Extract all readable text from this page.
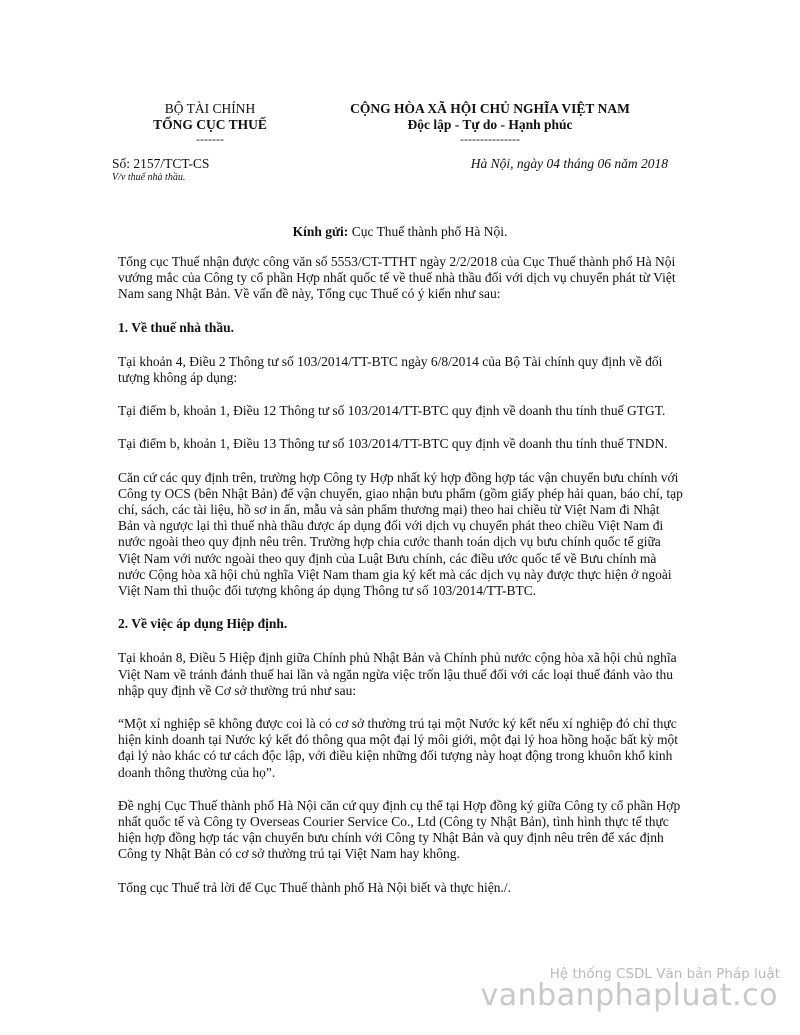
BỘ TÀI CHÍNH
TỔNG CỤC THUẾ
-------
CỘNG HÒA XÃ HỘI CHỦ NGHĨA VIỆT NAM
Độc lập - Tự do - Hạnh phúc
---------------
Số: 2157/TCT-CS
V/v thuế nhà thầu.
Hà Nội, ngày 04 tháng 06 năm 2018
Kính gửi: Cục Thuế thành phố Hà Nội.

Tổng cục Thuế nhận được công văn số 5553/CT-TTHT ngày 2/2/2018 của Cục Thuế thành phố Hà Nội vướng mắc của Công ty cổ phần Hợp nhất quốc tế về thuế nhà thầu đối với dịch vụ chuyển phát từ Việt Nam sang Nhật Bản. Về vấn đề này, Tổng cục Thuế có ý kiến như sau:

1. Về thuế nhà thầu.

Tại khoản 4, Điều 2 Thông tư số 103/2014/TT-BTC ngày 6/8/2014 của Bộ Tài chính quy định về đối tượng không áp dụng:

Tại điểm b, khoản 1, Điều 12 Thông tư số 103/2014/TT-BTC quy định về doanh thu tính thuế GTGT.

Tại điểm b, khoản 1, Điều 13 Thông tư số 103/2014/TT-BTC quy định về doanh thu tính thuế TNDN.

Căn cứ các quy định trên, trường hợp Công ty Hợp nhất ký hợp đồng hợp tác vận chuyển bưu chính với Công ty OCS (bên Nhật Bản) để vận chuyển, giao nhận bưu phẩm (gồm giấy phép hải quan, báo chí, tạp chí, sách, các tài liệu, hồ sơ in ấn, mẫu và sản phẩm thương mại) theo hai chiều từ Việt Nam đi Nhật Bản và ngược lại thì thuế nhà thầu được áp dụng đối với dịch vụ chuyển phát theo chiều Việt Nam đi nước ngoài theo quy định nêu trên. Trường hợp chia cước thanh toán dịch vụ bưu chính quốc tế giữa Việt Nam với nước ngoài theo quy định của Luật Bưu chính, các điều ước quốc tế về Bưu chính mà nước Cộng hòa xã hội chủ nghĩa Việt Nam tham gia ký kết mà các dịch vụ này được thực hiện ở ngoài Việt Nam thì thuộc đối tượng không áp dụng Thông tư số 103/2014/TT-BTC.

2. Về việc áp dụng Hiệp định.

Tại khoản 8, Điều 5 Hiệp định giữa Chính phủ Nhật Bản và Chính phủ nước cộng hòa xã hội chủ nghĩa Việt Nam về tránh đánh thuế hai lần và ngăn ngừa việc trốn lậu thuế đối với các loại thuế đánh vào thu nhập quy định về Cơ sở thường trú như sau:

“Một xí nghiệp sẽ không được coi là có cơ sở thường trú tại một Nước ký kết nếu xí nghiệp đó chỉ thực hiện kinh doanh tại Nước ký kết đó thông qua một đại lý môi giới, một đại lý hoa hồng hoặc bất kỳ một đại lý nào khác có tư cách độc lập, với điều kiện những đối tượng này hoạt động trong khuôn khổ kinh doanh thông thường của họ”.

Đề nghị Cục Thuế thành phố Hà Nội căn cứ quy định cụ thể tại Hợp đồng ký giữa Công ty cổ phần Hợp nhất quốc tế và Công ty Overseas Courier Service Co., Ltd (Công ty Nhật Bản), tình hình thực tế thực hiện hợp đồng hợp tác vận chuyển bưu chính với Công ty Nhật Bản và quy định nêu trên để xác định Công ty Nhật Bản có cơ sở thường trú tại Việt Nam hay không.

Tổng cục Thuế trả lời để Cục Thuế thành phố Hà Nội biết và thực hiện./.

Hệ thống CSDL Văn bản Pháp luật
vanbanphapluat.co
